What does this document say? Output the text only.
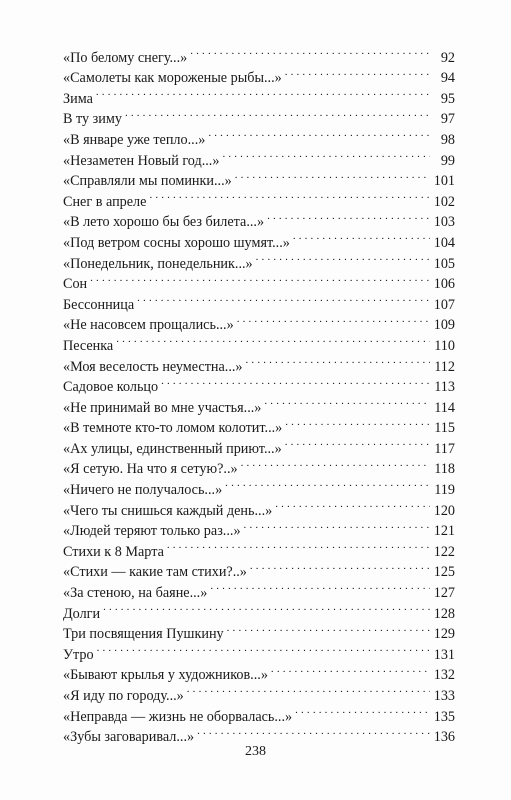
«По белому снегу...» . . .	92
«Самолеты как мороженые рыбы...» . . .	94
Зима . . .	95
В ту зиму . . .	97
«В январе уже тепло...» . . .	98
«Незаметен Новый год...» . . .	99
«Справляли мы поминки...» . . .	101
Снег в апреле . . .	102
«В лето хорошо бы без билета...» . . .	103
«Под ветром сосны хорошо шумят...» . . .	104
«Понедельник, понедельник...» . . .	105
Сон . . .	106
Бессонница . . .	107
«Не насовсем прощались...» . . .	109
Песенка . . .	110
«Моя веселость неуместна...» . . .	112
Садовое кольцо . . .	113
«Не принимай во мне участья...» . . .	114
«В темноте кто-то ломом колотит...» . . .	115
«Ах улицы, единственный приют...» . . .	117
«Я сетую. На что я сетую?..» . . .	118
«Ничего не получалось...» . . .	119
«Чего ты снишься каждый день...» . . .	120
«Людей теряют только раз...» . . .	121
Стихи к 8 Марта . . .	122
«Стихи — какие там стихи?..» . . .	125
«За стеною, на баяне...» . . .	127
Долги . . .	128
Три посвящения Пушкину . . .	129
Утро . . .	131
«Бывают крылья у художников...» . . .	132
«Я иду по городу...» . . .	133
«Неправда — жизнь не оборвалась...» . . .	135
«Зубы заговаривал...» . . .	136
238
